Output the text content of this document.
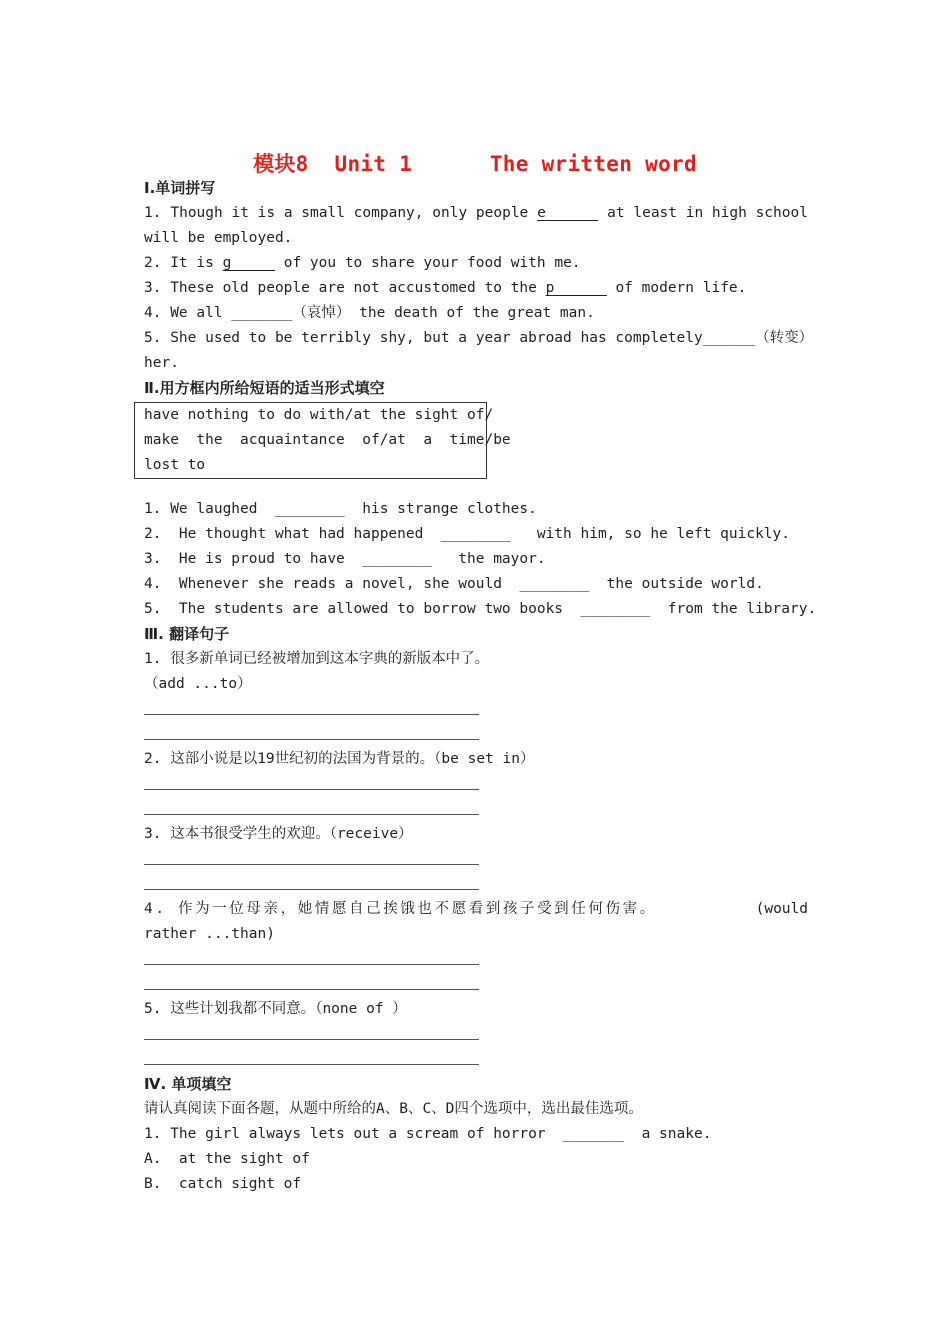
模块8  Unit 1      The written word
Ⅰ.单词拼写
1. Though it is a small company, only people e______ at least in high school
will be employed.
2. It is g_____ of you to share your food with me.
3. These old people are not accustomed to the p______ of modern life.
4. We all _______（哀悼） the death of the great man.
5. She used to be terribly shy, but a year abroad has completely ______（转变）
her.
Ⅱ.用方框内所给短语的适当形式填空
have nothing to do with/at the sight of/
make  the  acquaintance  of/at  a  time/be
lost to
1. We laughed  ________  his strange clothes.
2.  He thought what had happened  ________   with him, so he left quickly.
3.  He is proud to have  ________   the mayor.
4.  Whenever she reads a novel, she would  ________  the outside world.
5.  The students are allowed to borrow two books  ________  from the library.
Ⅲ. 翻译句子
1. 很多新单词已经被增加到这本字典的新版本中了。
（add ...to）
2. 这部小说是以19世纪初的法国为背景的。（be set in）
3. 这本书很受学生的欢迎。（receive）
4. 作为一位母亲，她情愿自己挨饿也不愿看到孩子受到任何伤害。	(would
rather ...than)
5. 这些计划我都不同意。（none of ）
Ⅳ. 单项填空
请认真阅读下面各题，从题中所给的A、B、C、D四个选项中，选出最佳选项。
1. The girl always lets out a scream of horror  _______  a snake.
A.  at the sight of
B.  catch sight of
